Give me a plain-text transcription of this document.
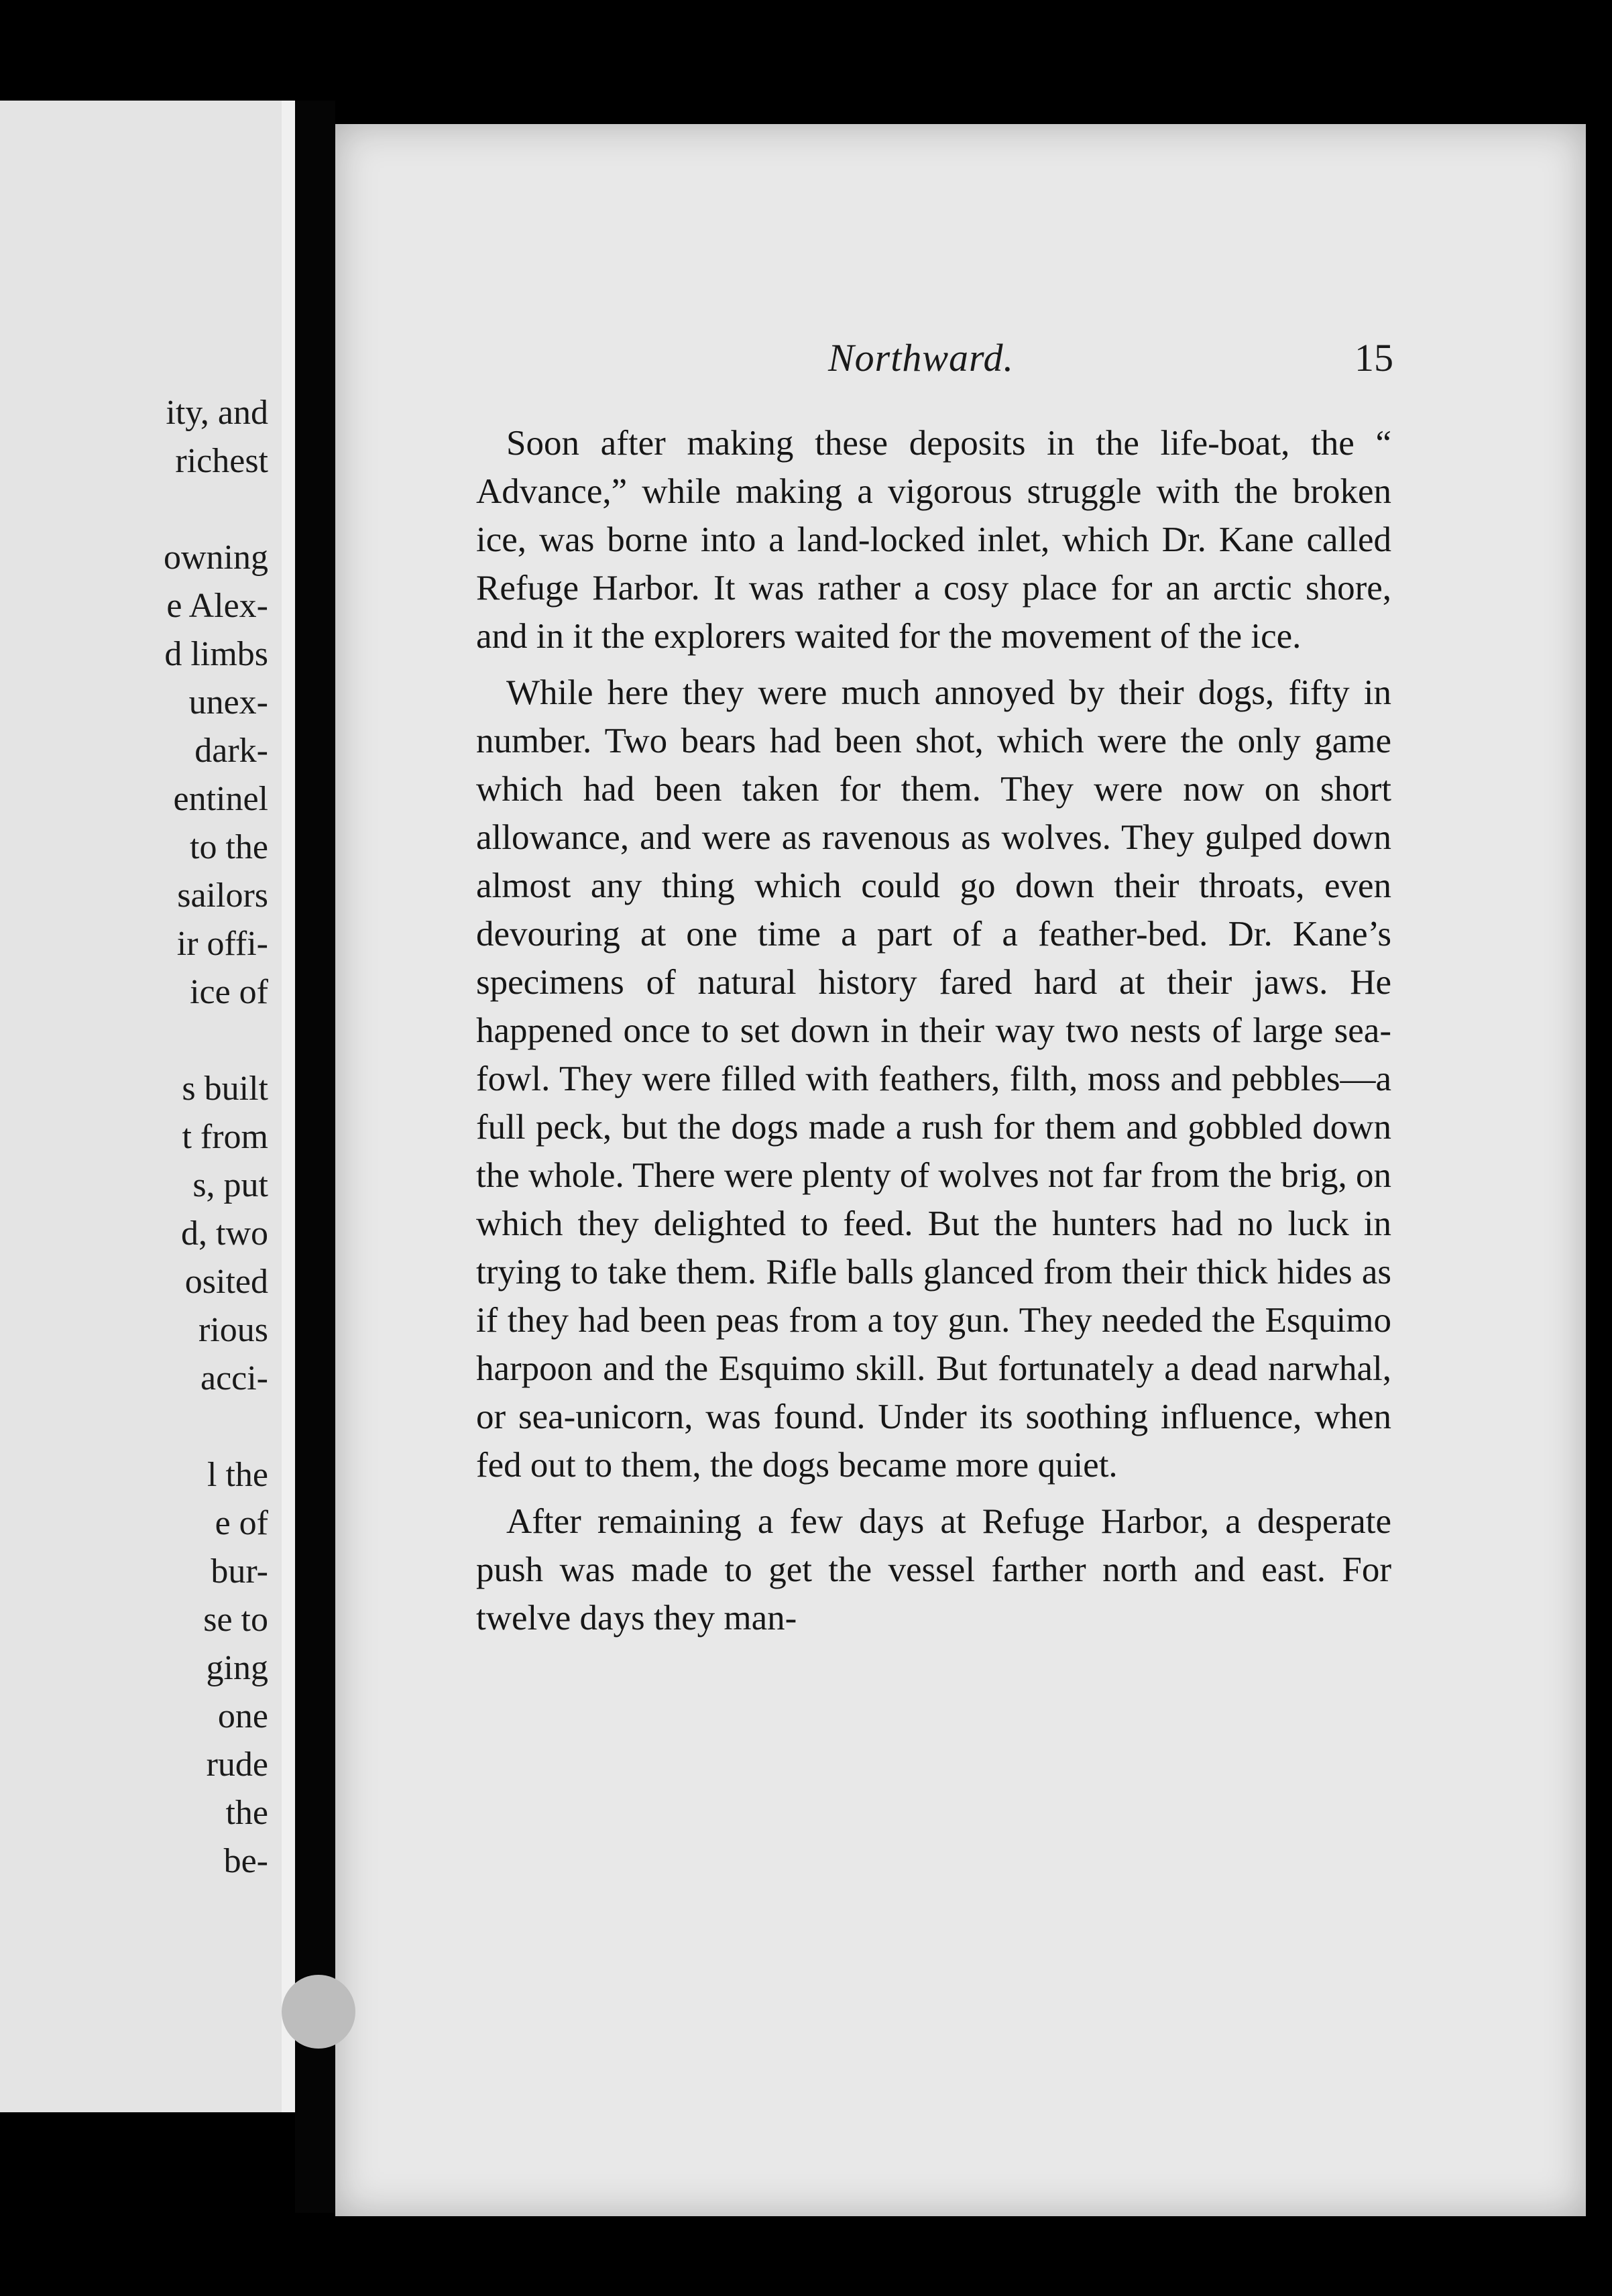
ity, and
richest
owning
e Alex-
d limbs
unex-
dark-
entinel
to the
sailors
ir offi-
ice of
s built
t from
s, put
d, two
osited
rious
acci-
l the
e of
bur-
se to
ging
one
rude
the
be-
Northward.	15

Soon after making these deposits in the life-boat, the “ Advance,” while making a vigorous struggle with the broken ice, was borne into a land-locked inlet, which Dr. Kane called Refuge Harbor. It was rather a cosy place for an arctic shore, and in it the explorers waited for the movement of the ice.

While here they were much annoyed by their dogs, fifty in number. Two bears had been shot, which were the only game which had been taken for them. They were now on short allowance, and were as ravenous as wolves. They gulped down almost any thing which could go down their throats, even devouring at one time a part of a feather-bed. Dr. Kane’s specimens of natural history fared hard at their jaws. He happened once to set down in their way two nests of large sea-fowl. They were filled with feathers, filth, moss and pebbles—a full peck, but the dogs made a rush for them and gobbled down the whole. There were plenty of wolves not far from the brig, on which they delighted to feed. But the hunters had no luck in trying to take them. Rifle balls glanced from their thick hides as if they had been peas from a toy gun. They needed the Esquimo harpoon and the Esquimo skill. But fortunately a dead narwhal, or sea-unicorn, was found. Under its soothing influence, when fed out to them, the dogs became more quiet.

After remaining a few days at Refuge Harbor, a desperate push was made to get the vessel farther north and east. For twelve days they man-
